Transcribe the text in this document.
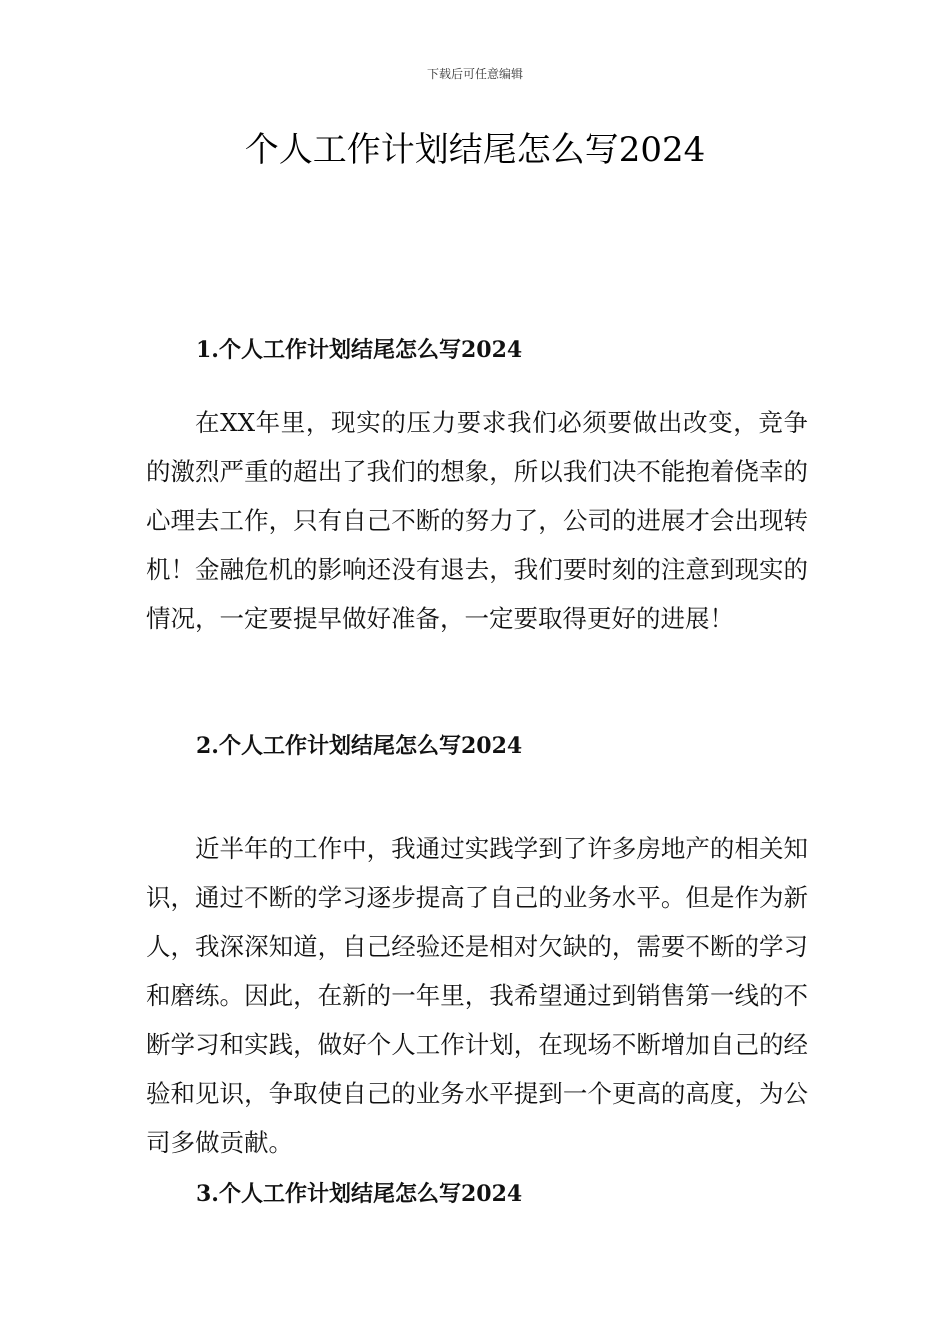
下载后可任意编辑
个人工作计划结尾怎么写2024
1.个人工作计划结尾怎么写2024

在XX年里，现实的压力要求我们必须要做出改变，竞争的激烈严重的超出了我们的想象，所以我们决不能抱着侥幸的心理去工作，只有自己不断的努力了，公司的进展才会出现转机！金融危机的影响还没有退去，我们要时刻的注意到现实的情况，一定要提早做好准备，一定要取得更好的进展！

2.个人工作计划结尾怎么写2024

近半年的工作中，我通过实践学到了许多房地产的相关知识，通过不断的学习逐步提高了自己的业务水平。但是作为新人，我深深知道，自己经验还是相对欠缺的，需要不断的学习和磨练。因此，在新的一年里，我希望通过到销售第一线的不断学习和实践，做好个人工作计划，在现场不断增加自己的经验和见识，争取使自己的业务水平提到一个更高的高度，为公司多做贡献。

3.个人工作计划结尾怎么写2024
